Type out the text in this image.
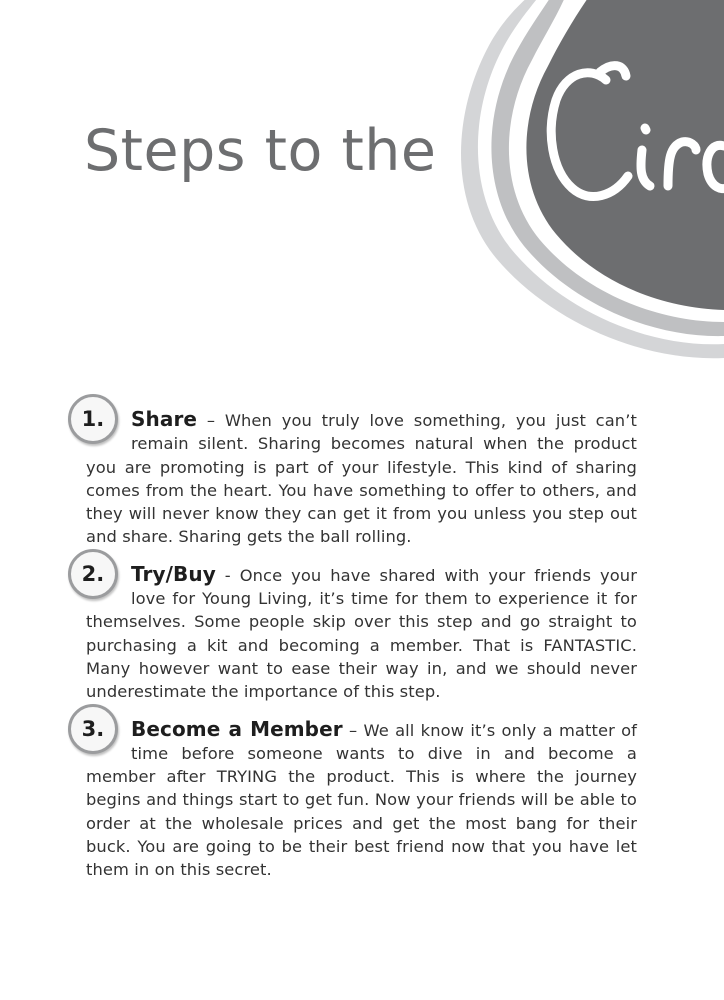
Steps to the
1.	Share – When you truly love something, you just can’t remain silent. Sharing becomes natural when the product you are promoting is part of your lifestyle. This kind of sharing comes from the heart. You have something to offer to others, and they will never know they can get it from you unless you step out and share. Sharing gets the ball rolling.
2.	Try/Buy - Once you have shared with your friends your love for Young Living, it’s time for them to experience it for themselves. Some people skip over this step and go straight to purchasing a kit and becoming a member. That is FANTASTIC. Many however want to ease their way in, and we should never underestimate the importance of this step.
3.	Become a Member – We all know it’s only a matter of time before someone wants to dive in and become a member after TRYING the product. This is where the journey begins and things start to get fun. Now your friends will be able to order at the wholesale prices and get the most bang for their buck. You are going to be their best friend now that you have let them in on this secret.
